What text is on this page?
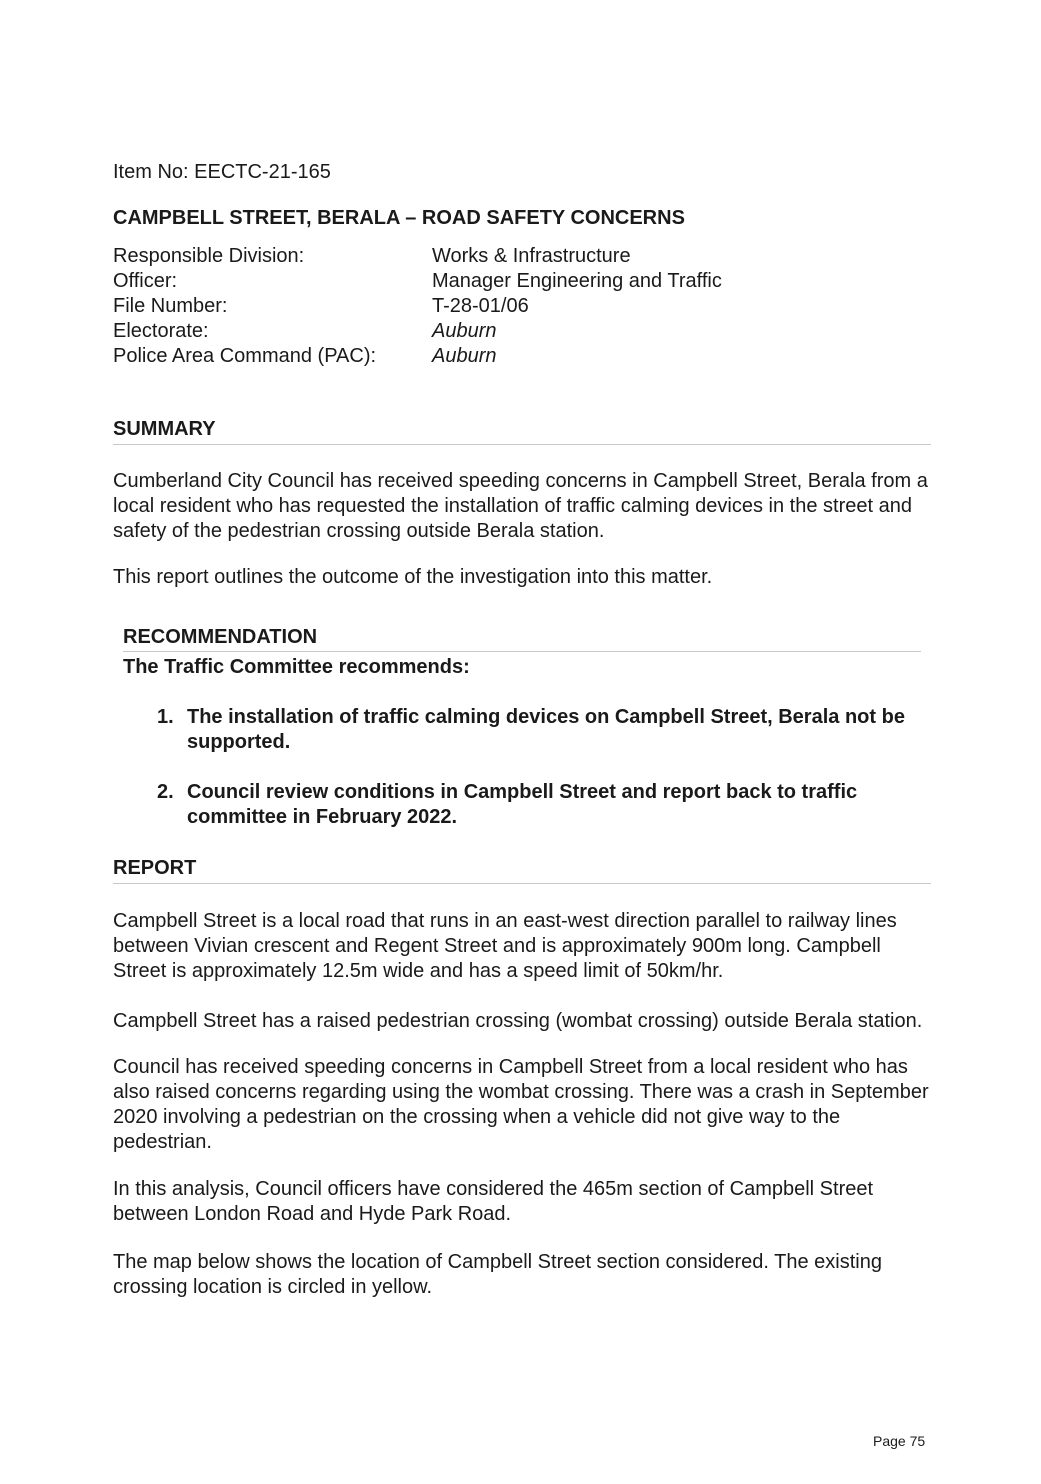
Item No: EECTC-21-165

CAMPBELL STREET, BERALA – ROAD SAFETY CONCERNS

Responsible Division:	Works & Infrastructure
Officer:	Manager Engineering and Traffic
File Number:	T-28-01/06
Electorate:	Auburn
Police Area Command (PAC):	Auburn
SUMMARY

Cumberland City Council has received speeding concerns in Campbell Street, Berala from a local resident who has requested the installation of traffic calming devices in the street and safety of the pedestrian crossing outside Berala station.

This report outlines the outcome of the investigation into this matter.

RECOMMENDATION
The Traffic Committee recommends:
1. The installation of traffic calming devices on Campbell Street, Berala not be supported.
2. Council review conditions in Campbell Street and report back to traffic committee in February 2022.
REPORT

Campbell Street is a local road that runs in an east-west direction parallel to railway lines between Vivian crescent and Regent Street and is approximately 900m long. Campbell Street is approximately 12.5m wide and has a speed limit of 50km/hr.

Campbell Street has a raised pedestrian crossing (wombat crossing) outside Berala station.

Council has received speeding concerns in Campbell Street from a local resident who has also raised concerns regarding using the wombat crossing. There was a crash in September 2020 involving a pedestrian on the crossing when a vehicle did not give way to the pedestrian.

In this analysis, Council officers have considered the 465m section of Campbell Street between London Road and Hyde Park Road.

The map below shows the location of Campbell Street section considered. The existing crossing location is circled in yellow.

Page 75
